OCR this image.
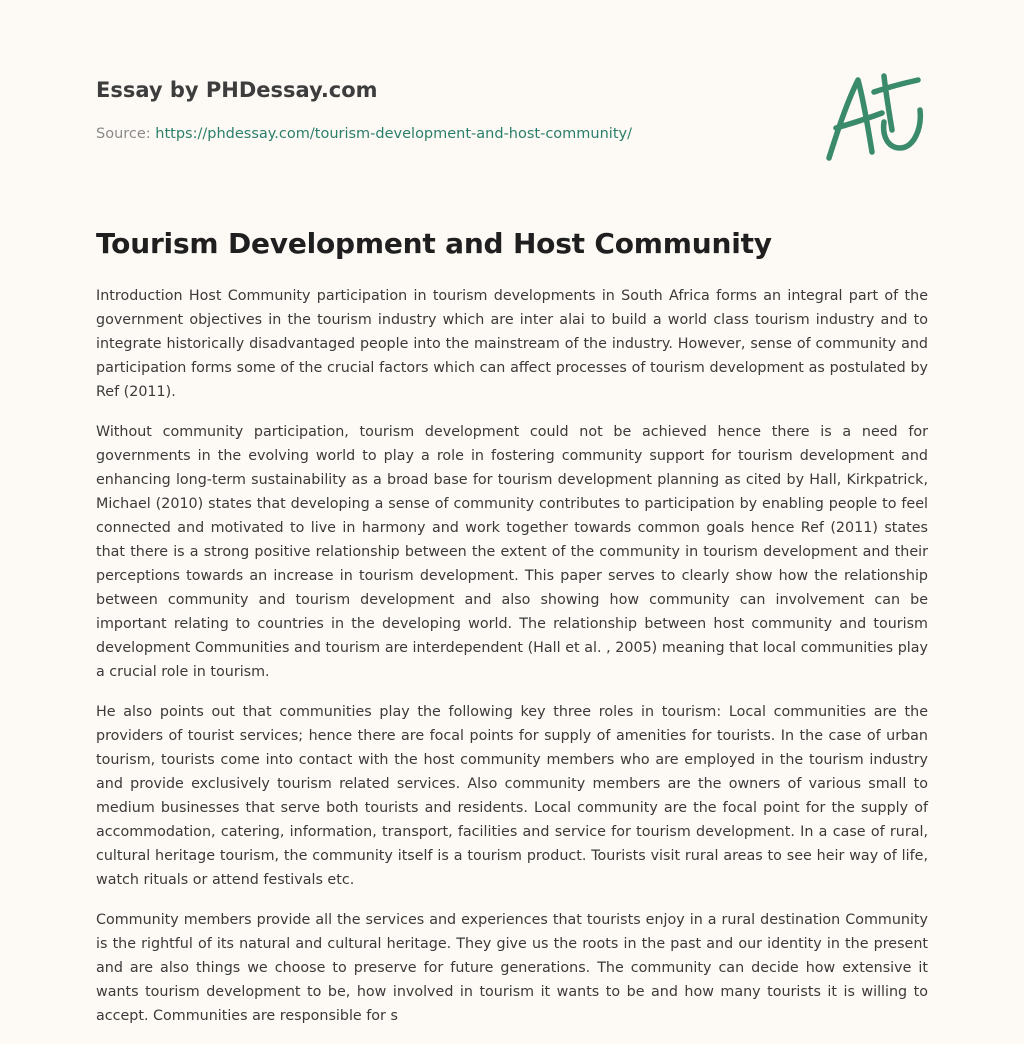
Essay by PHDessay.com
Source: https://phdessay.com/tourism-development-and-host-community/
Tourism Development and Host Community

Introduction Host Community participation in tourism developments in South Africa forms an integral part of the government objectives in the tourism industry which are inter alai to build a world class tourism industry and to integrate historically disadvantaged people into the mainstream of the industry. However, sense of community and participation forms some of the crucial factors which can affect processes of tourism development as postulated by Ref (2011).

Without community participation, tourism development could not be achieved hence there is a need for governments in the evolving world to play a role in fostering community support for tourism development and enhancing long-term sustainability as a broad base for tourism development planning as cited by Hall, Kirkpatrick, Michael (2010) states that developing a sense of community contributes to participation by enabling people to feel connected and motivated to live in harmony and work together towards common goals hence Ref (2011) states that there is a strong positive relationship between the extent of the community in tourism development and their perceptions towards an increase in tourism development. This paper serves to clearly show how the relationship between community and tourism development and also showing how community can involvement can be important relating to countries in the developing world. The relationship between host community and tourism development Communities and tourism are interdependent (Hall et al. , 2005) meaning that local communities play a crucial role in tourism.

He also points out that communities play the following key three roles in tourism: Local communities are the providers of tourist services; hence there are focal points for supply of amenities for tourists. In the case of urban tourism, tourists come into contact with the host community members who are employed in the tourism industry and provide exclusively tourism related services. Also community members are the owners of various small to medium businesses that serve both tourists and residents. Local community are the focal point for the supply of accommodation, catering, information, transport, facilities and service for tourism development. In a case of rural, cultural heritage tourism, the community itself is a tourism product. Tourists visit rural areas to see heir way of life, watch rituals or attend festivals etc.

Community members provide all the services and experiences that tourists enjoy in a rural destination Community is the rightful of its natural and cultural heritage. They give us the roots in the past and our identity in the present and are also things we choose to preserve for future generations. The community can decide how extensive it wants tourism development to be, how involved in tourism it wants to be and how many tourists it is willing to accept. Communities are responsible for s
